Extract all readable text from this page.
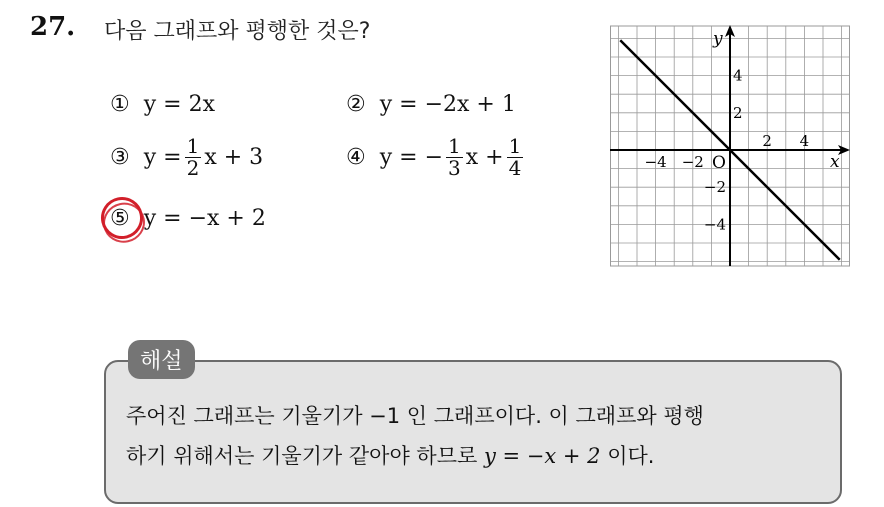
27. 다음 그래프와 평행한 것은?
① y = 2x	② y = −2x + 1
③ $y = \frac{1}{2}$ x + 3	④ y = − $\frac{1}{3}$ $x + \frac{1}{4}$
⑤ y = −x + 2
x
y
O
−4 −2
2 4
4
2
−2
−4
해설
주어진 그래프는 기울기가 −1 인 그래프이다. 이 그래프와 평행
하기 위해서는 기울기가 같아야 하므로 y = −x + 2 이다.
